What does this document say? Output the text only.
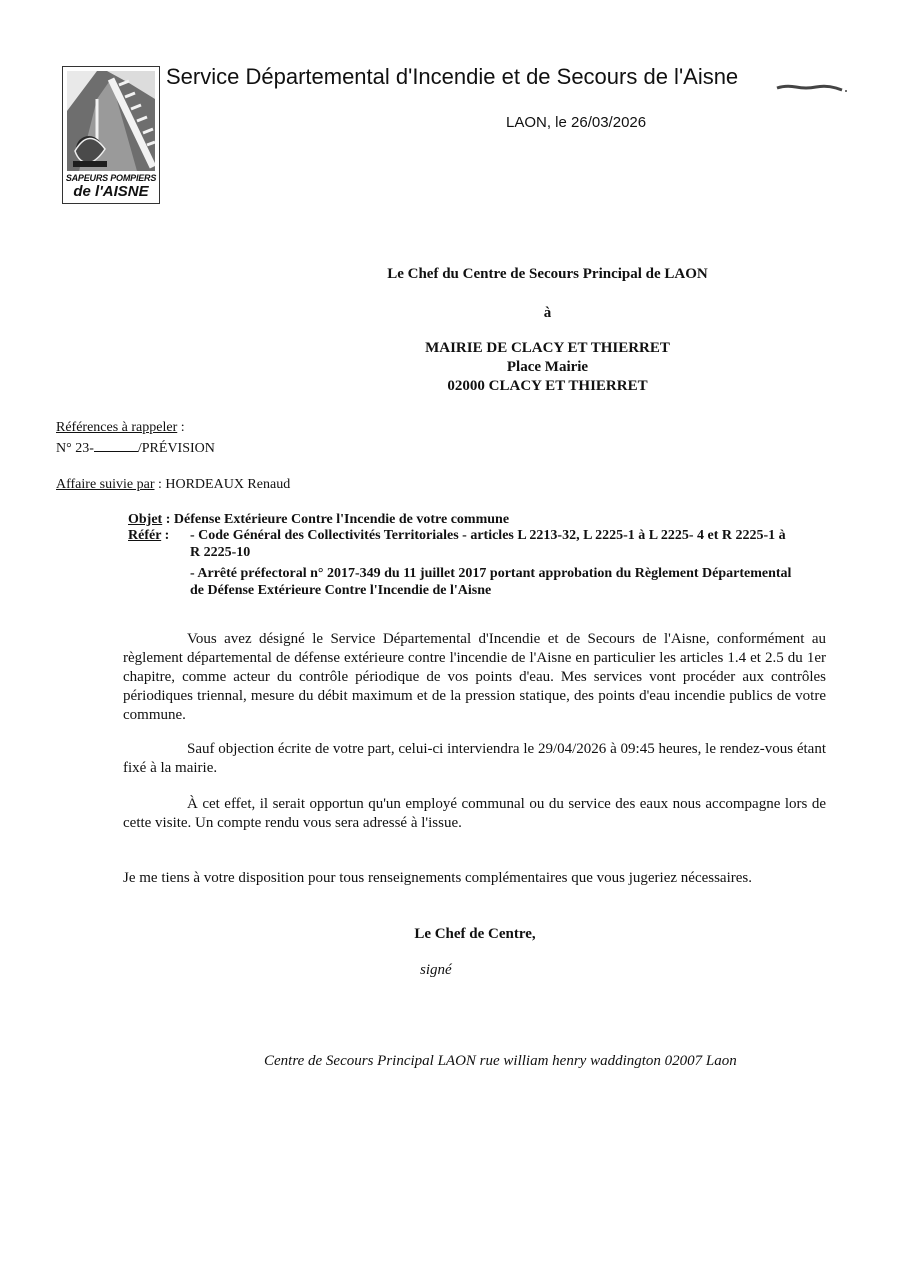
SAPEURS POMPIERS
de l'AISNE
Service Départemental d'Incendie et de Secours de l'Aisne
LAON, le 26/03/2026
Le Chef du Centre de Secours Principal de LAON
à
MAIRIE DE CLACY ET THIERRET
Place Mairie
02000 CLACY ET THIERRET
Références à rappeler :
N° 23-	/PRÉVISION
Affaire suivie par : HORDEAUX Renaud
Objet : Défense Extérieure Contre l'Incendie de votre commune
Référ : - Code Général des Collectivités Territoriales - articles L 2213-32, L 2225-1 à L 2225- 4 et R 2225-1 à
R 2225-10
- Arrêté préfectoral n° 2017-349 du 11 juillet 2017 portant approbation du Règlement Départemental
de Défense Extérieure Contre l'Incendie de l'Aisne

Vous avez désigné le Service Départemental d'Incendie et de Secours de l'Aisne, conformément au règlement départemental de défense extérieure contre l'incendie de l'Aisne en particulier les articles 1.4 et 2.5 du 1er chapitre, comme acteur du contrôle périodique de vos points d'eau. Mes services vont procéder aux contrôles périodiques triennal, mesure du débit maximum et de la pression statique, des points d'eau incendie publics de votre commune.

Sauf objection écrite de votre part, celui-ci interviendra le 29/04/2026 à 09:45 heures, le rendez-vous étant fixé à la mairie.

À cet effet, il serait opportun qu'un employé communal ou du service des eaux nous accompagne lors de cette visite. Un compte rendu vous sera adressé à l'issue.

Je me tiens à votre disposition pour tous renseignements complémentaires que vous jugeriez nécessaires.

Le Chef de Centre,
signé
Centre de Secours Principal LAON rue william henry waddington 02007 Laon
